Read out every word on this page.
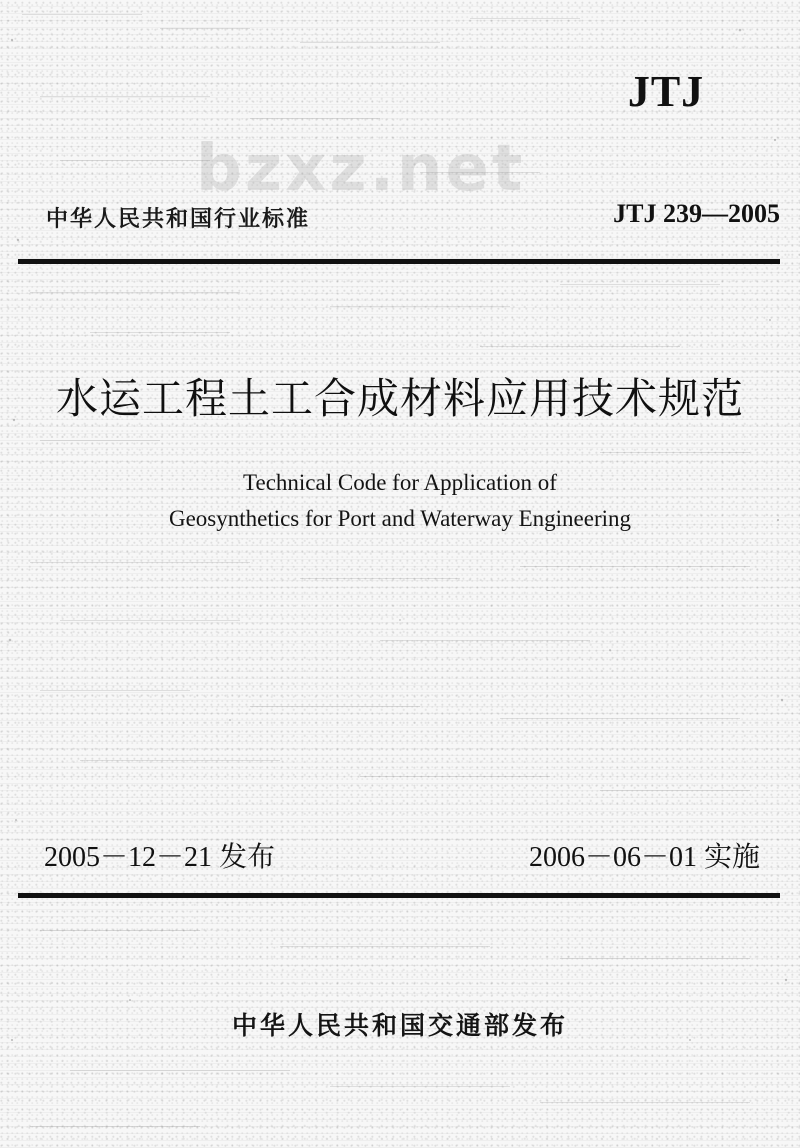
JTJ
bzxz.net
中华人民共和国行业标准	JTJ 239—2005
水运工程土工合成材料应用技术规范
Technical Code for Application of
Geosynthetics for Port and Waterway Engineering
2005－12－21 发布	2006－06－01 实施
中华人民共和国交通部发布
